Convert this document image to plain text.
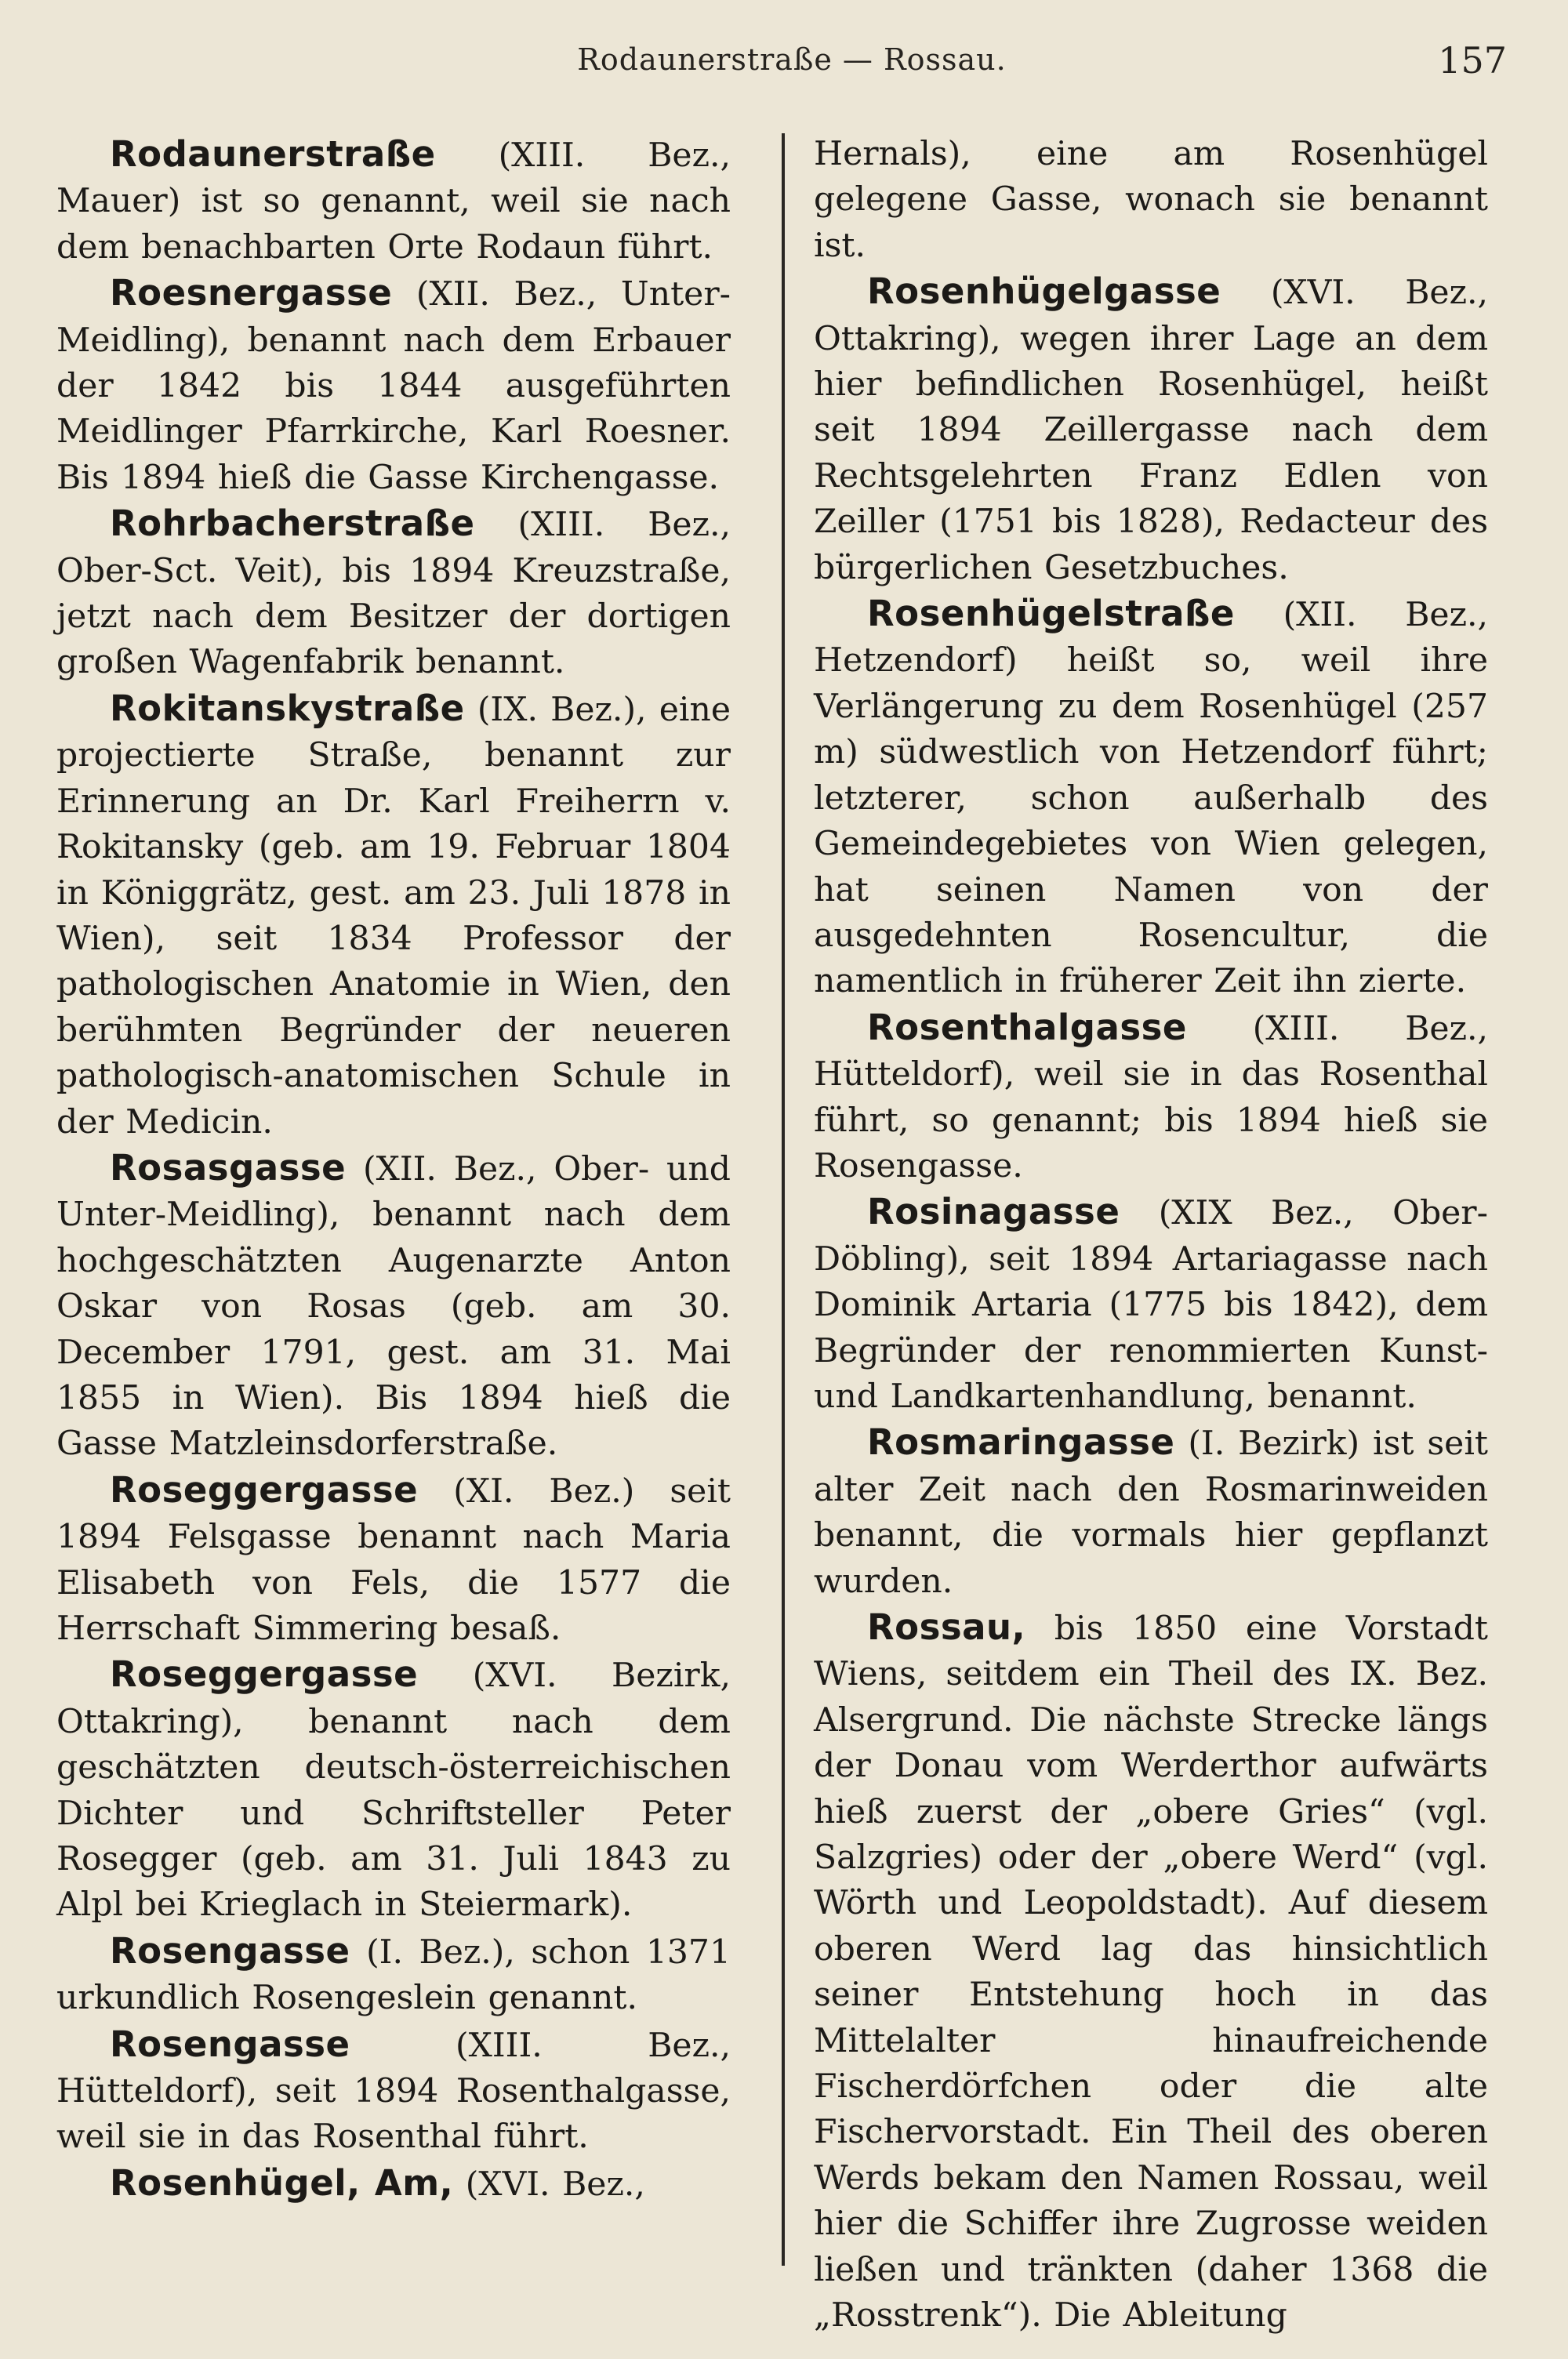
Rodaunerstraße — Rossau.	157

Rodaunerstraße (XIII. Bez., Mauer) ist so genannt, weil sie nach dem benachbarten Orte Rodaun führt.

Roesnergasse (XII. Bez., Unter-Meidling), benannt nach dem Erbauer der 1842 bis 1844 ausgeführten Meidlinger Pfarrkirche, Karl Roesner. Bis 1894 hieß die Gasse Kirchengasse.

Rohrbacherstraße (XIII. Bez., Ober-Sct. Veit), bis 1894 Kreuzstraße, jetzt nach dem Besitzer der dortigen großen Wagenfabrik benannt.

Rokitanskystraße (IX. Bez.), eine projectierte Straße, benannt zur Erinnerung an Dr. Karl Freiherrn v. Rokitansky (geb. am 19. Februar 1804 in Königgrätz, gest. am 23. Juli 1878 in Wien), seit 1834 Professor der pathologischen Anatomie in Wien, den berühmten Begründer der neueren pathologisch-anatomischen Schule in der Medicin.

Rosasgasse (XII. Bez., Ober- und Unter-Meidling), benannt nach dem hochgeschätzten Augenarzte Anton Oskar von Rosas (geb. am 30. December 1791, gest. am 31. Mai 1855 in Wien). Bis 1894 hieß die Gasse Matzleinsdorferstraße.

Roseggergasse (XI. Bez.) seit 1894 Felsgasse benannt nach Maria Elisabeth von Fels, die 1577 die Herrschaft Simmering besaß.

Roseggergasse (XVI. Bezirk, Ottakring), benannt nach dem geschätzten deutsch-österreichischen Dichter und Schriftsteller Peter Rosegger (geb. am 31. Juli 1843 zu Alpl bei Krieglach in Steiermark).

Rosengasse (I. Bez.), schon 1371 urkundlich Rosengeslein genannt.

Rosengasse (XIII. Bez., Hütteldorf), seit 1894 Rosenthalgasse, weil sie in das Rosenthal führt.

Rosenhügel, Am, (XVI. Bez.,

Hernals), eine am Rosenhügel gelegene Gasse, wonach sie benannt ist.

Rosenhügelgasse (XVI. Bez., Ottakring), wegen ihrer Lage an dem hier befindlichen Rosenhügel, heißt seit 1894 Zeillergasse nach dem Rechtsgelehrten Franz Edlen von Zeiller (1751 bis 1828), Redacteur des bürgerlichen Gesetzbuches.

Rosenhügelstraße (XII. Bez., Hetzendorf) heißt so, weil ihre Verlängerung zu dem Rosenhügel (257 m) südwestlich von Hetzendorf führt; letzterer, schon außerhalb des Gemeindegebietes von Wien gelegen, hat seinen Namen von der ausgedehnten Rosencultur, die namentlich in früherer Zeit ihn zierte.

Rosenthalgasse (XIII. Bez., Hütteldorf), weil sie in das Rosenthal führt, so genannt; bis 1894 hieß sie Rosengasse.

Rosinagasse (XIX Bez., Ober-Döbling), seit 1894 Artariagasse nach Dominik Artaria (1775 bis 1842), dem Begründer der renommierten Kunst- und Landkartenhandlung, benannt.

Rosmaringasse (I. Bezirk) ist seit alter Zeit nach den Rosmarinweiden benannt, die vormals hier gepflanzt wurden.

Rossau, bis 1850 eine Vorstadt Wiens, seitdem ein Theil des IX. Bez. Alsergrund. Die nächste Strecke längs der Donau vom Werderthor aufwärts hieß zuerst der „obere Gries“ (vgl. Salzgries) oder der „obere Werd“ (vgl. Wörth und Leopoldstadt). Auf diesem oberen Werd lag das hinsichtlich seiner Entstehung hoch in das Mittelalter hinaufreichende Fischerdörfchen oder die alte Fischervorstadt. Ein Theil des oberen Werds bekam den Namen Rossau, weil hier die Schiffer ihre Zugrosse weiden ließen und tränkten (daher 1368 die „Rosstrenk“). Die Ableitung
